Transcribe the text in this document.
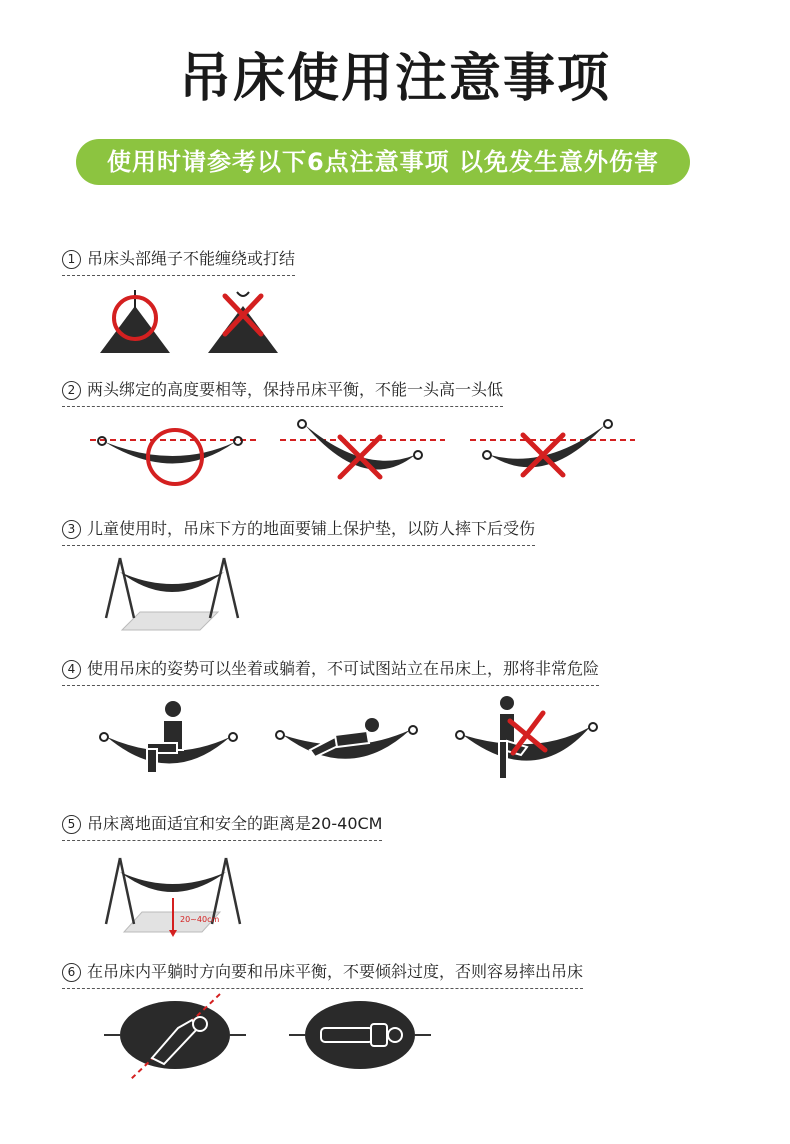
吊床使用注意事项
使用时请参考以下6点注意事项 以免发生意外伤害
1 吊床头部绳子不能缠绕或打结
2 两头绑定的高度要相等，保持吊床平衡，不能一头高一头低
3 儿童使用时，吊床下方的地面要铺上保护垫，以防人摔下后受伤
4 使用吊床的姿势可以坐着或躺着，不可试图站立在吊床上，那将非常危险
5 吊床离地面适宜和安全的距离是20-40CM
20~40cm
6 在吊床内平躺时方向要和吊床平衡，不要倾斜过度，否则容易摔出吊床
